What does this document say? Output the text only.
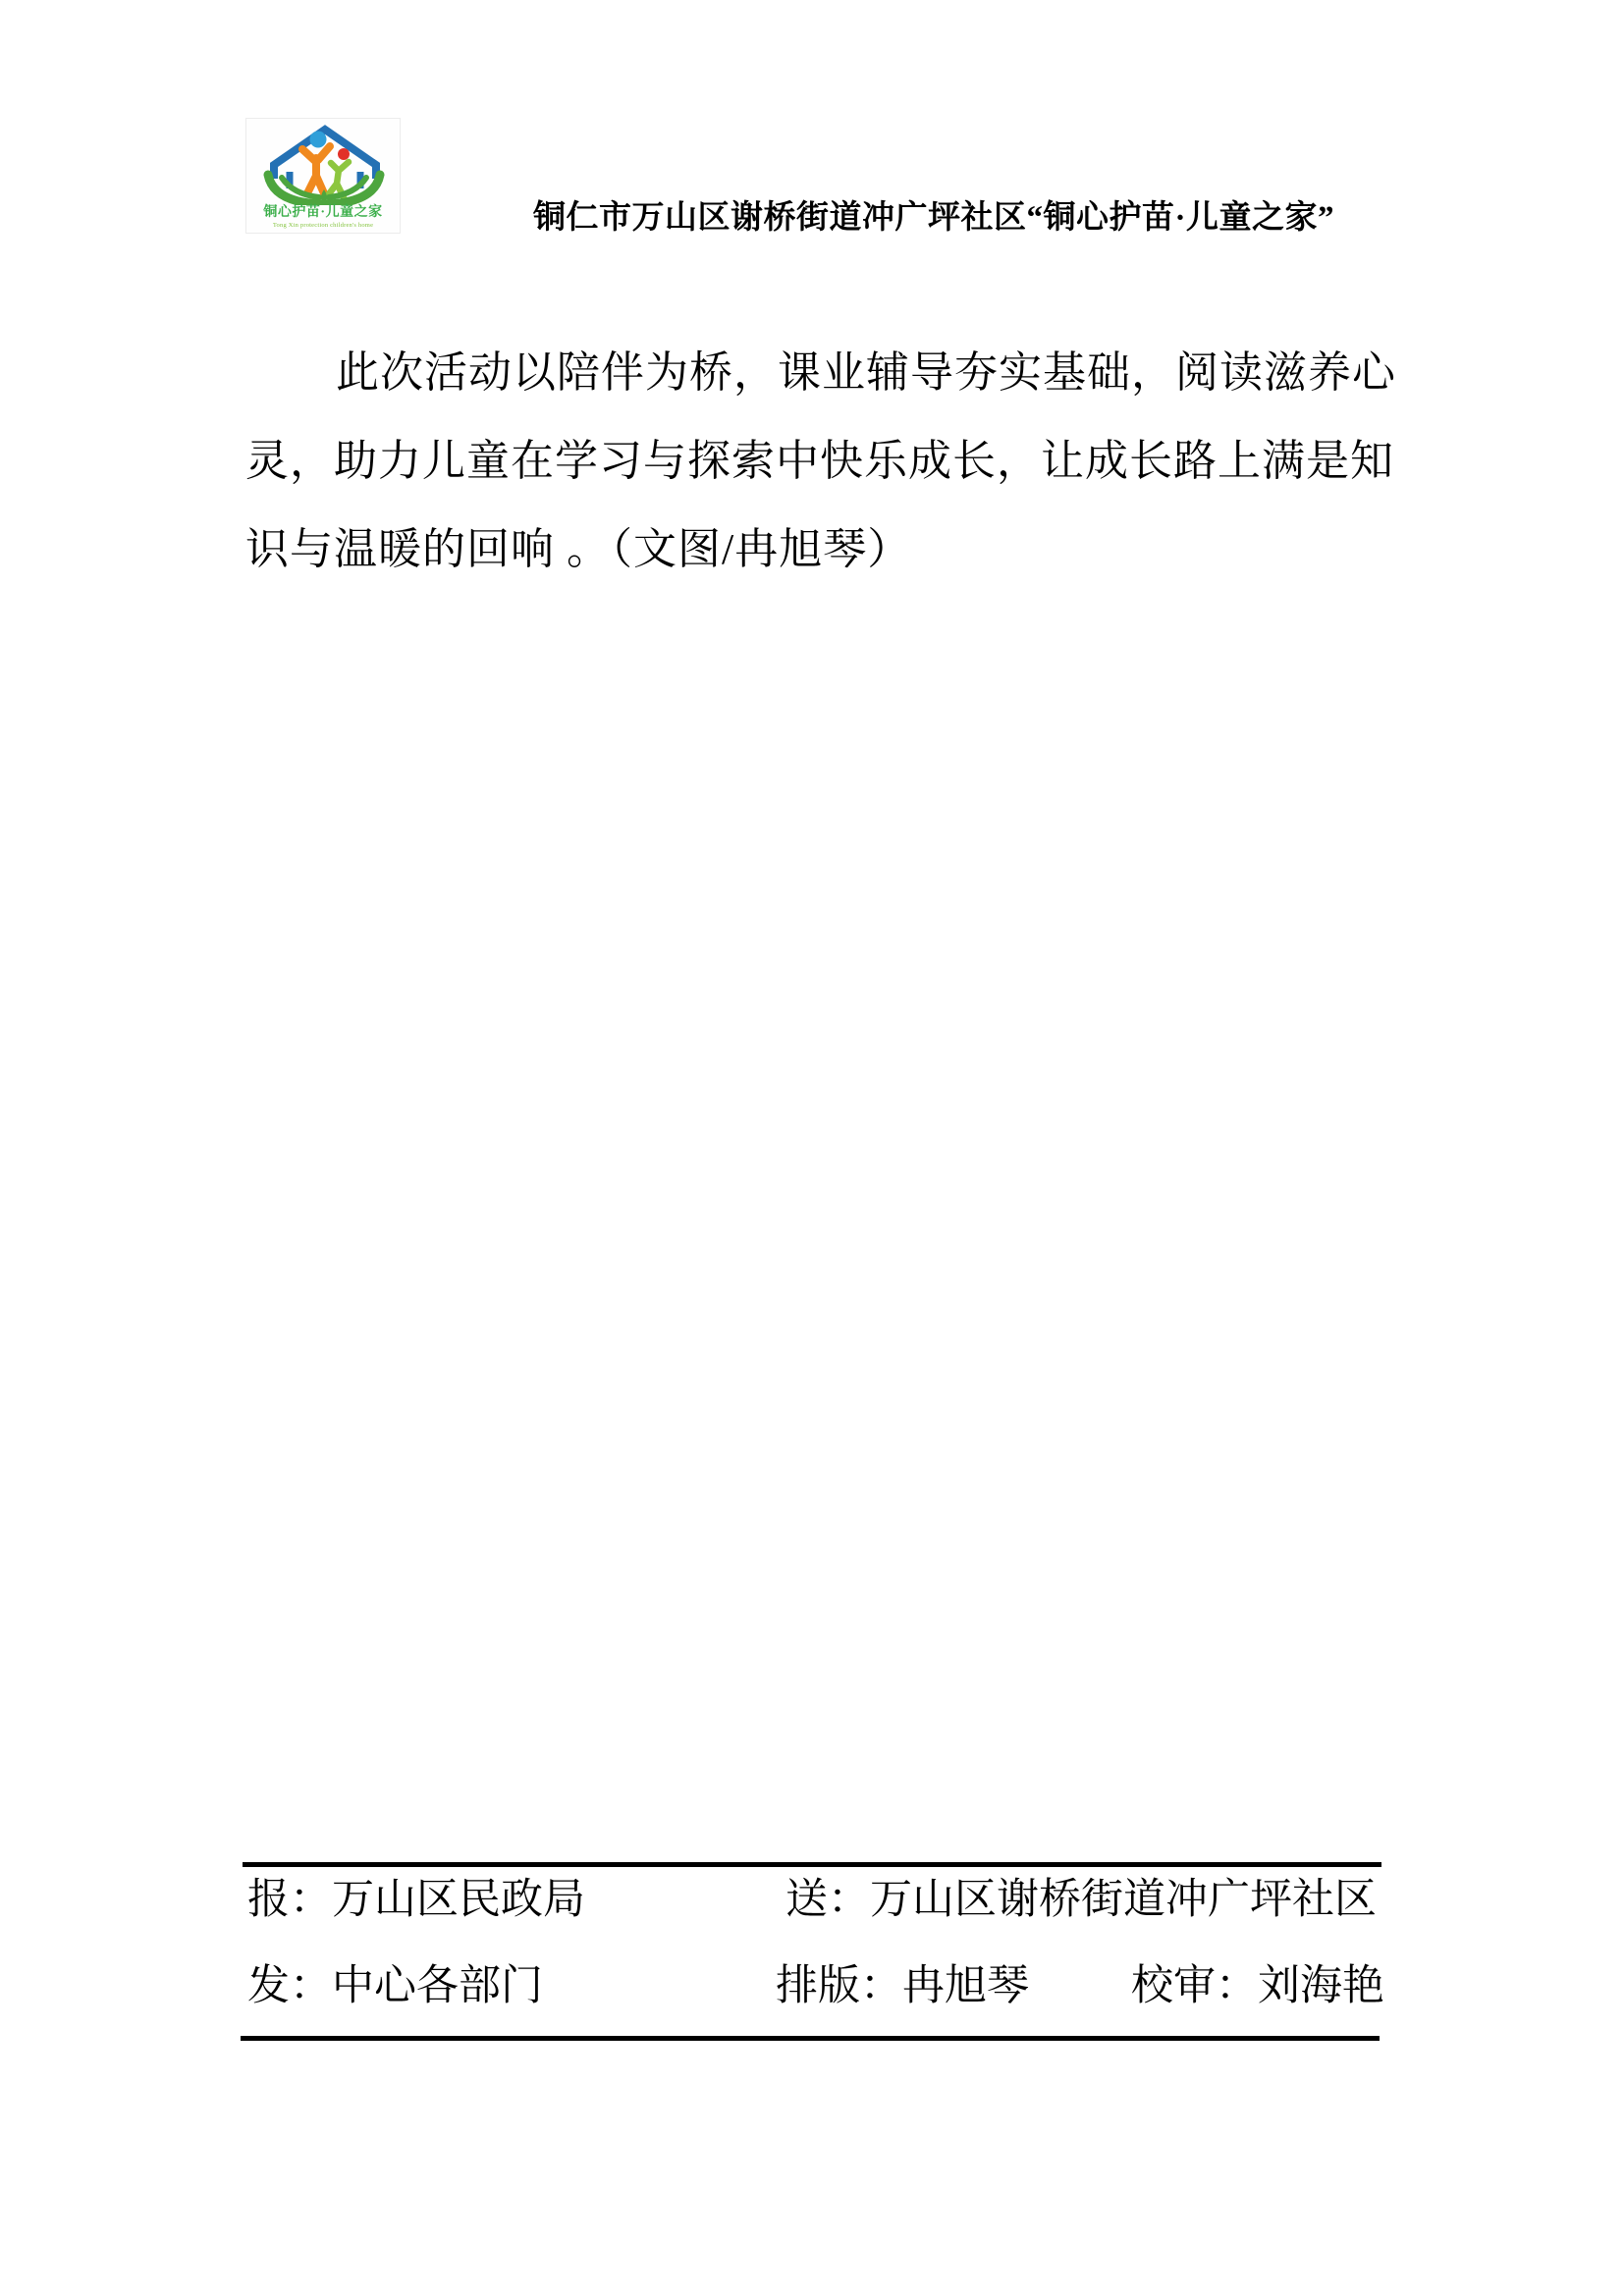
铜心护苗·儿童之家
Tong Xin protection children's home	铜仁市万山区谢桥街道冲广坪社区“铜心护苗·儿童之家”
此次活动以陪伴为桥，课业辅导夯实基础，阅读滋养心
灵，助力儿童在学习与探索中快乐成长，让成长路上满是知
识与温暖的回响 。（文图/冉旭琴）
报：万山区民政局	送：万山区谢桥街道冲广坪社区
发：中心各部门	排版：冉旭琴 校审：刘海艳
